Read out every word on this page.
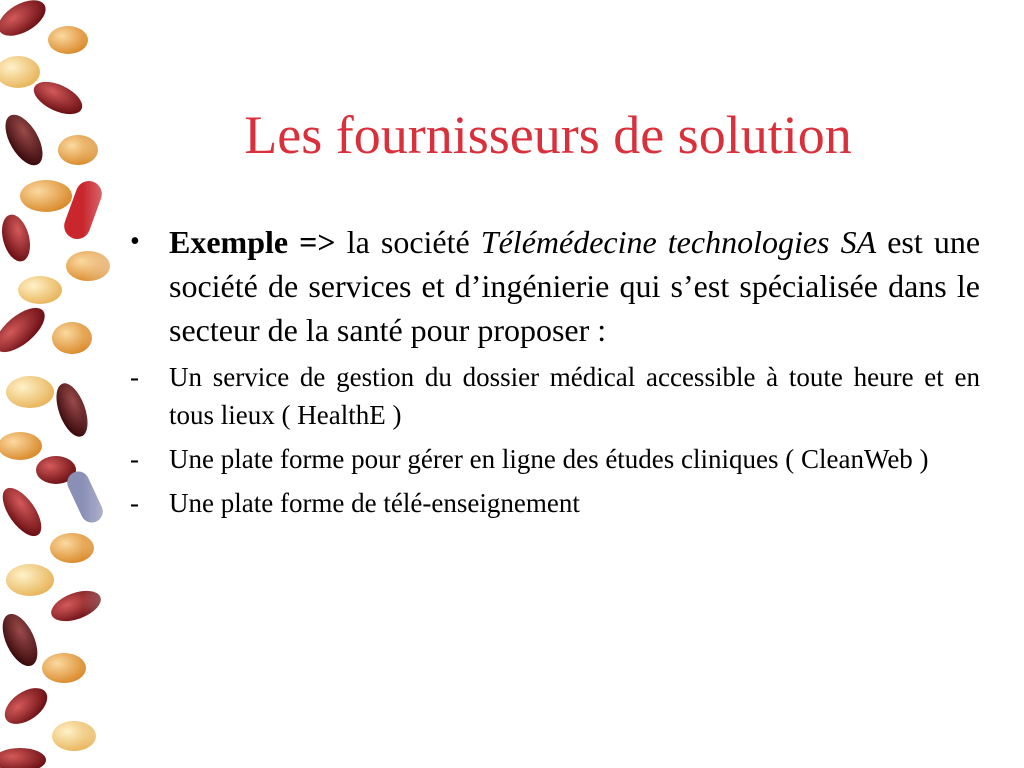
Les fournisseurs de solution
• Exemple => la société Télémédecine technologies SA est une société de services et d’ingénierie qui s’est spécialisée dans le secteur de la santé pour proposer :
- Un service de gestion du dossier médical accessible à toute heure et en tous lieux ( HealthE )
- Une plate forme pour gérer en ligne des études cliniques ( CleanWeb )
- Une plate forme de télé-enseignement
